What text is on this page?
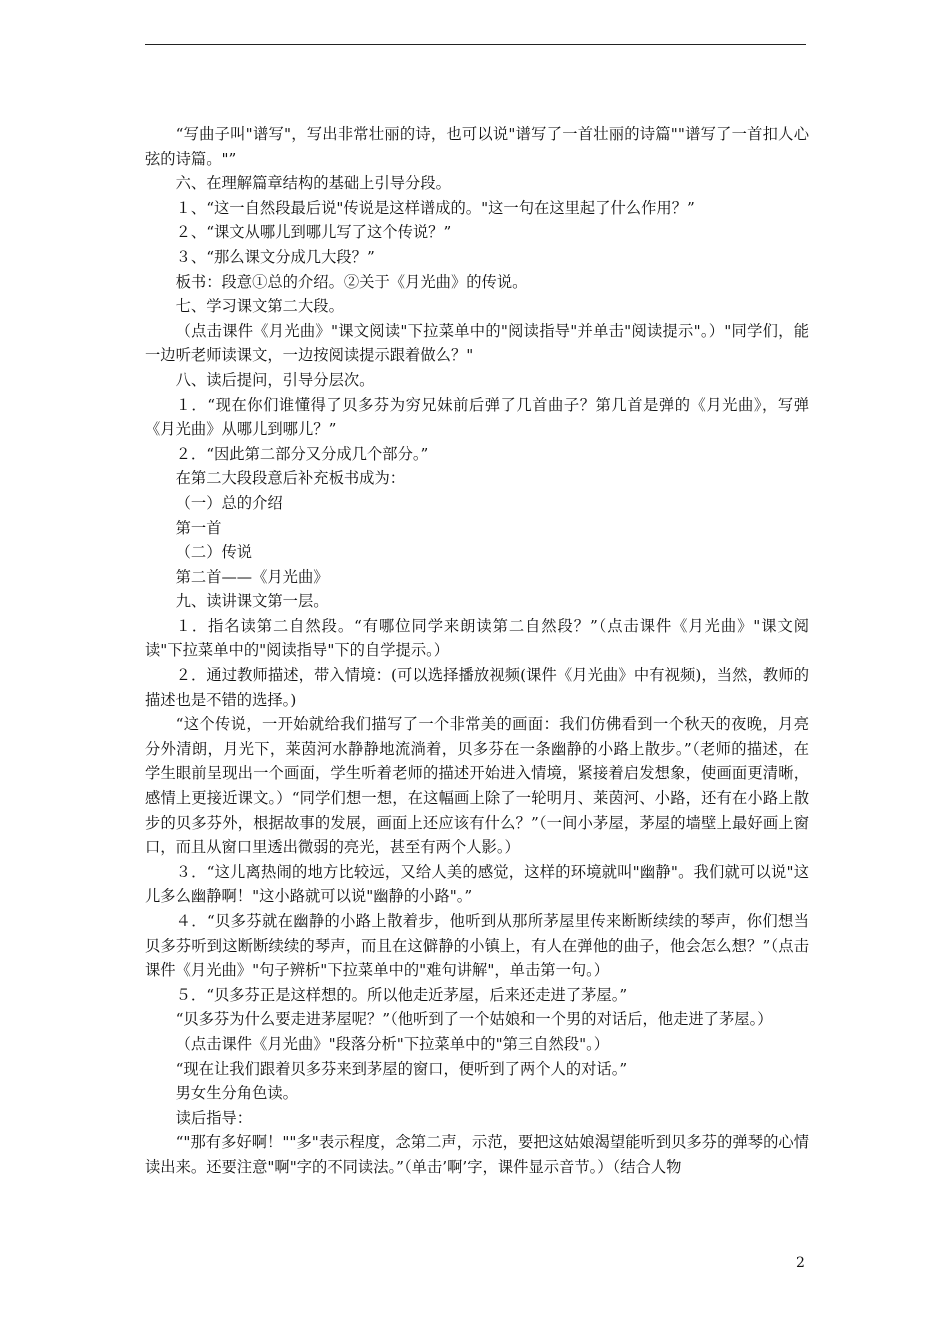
“写曲子叫"谱写"，写出非常壮丽的诗，也可以说"谱写了一首壮丽的诗篇""谱写了一首扣人心弦的诗篇。"”

六、在理解篇章结构的基础上引导分段。

１、“这一自然段最后说"传说是这样谱成的。"这一句在这里起了什么作用？”

２、“课文从哪儿到哪儿写了这个传说？”

３、“那么课文分成几大段？”

板书：段意①总的介绍。②关于《月光曲》的传说。

七、学习课文第二大段。

（点击课件《月光曲》"课文阅读"下拉菜单中的"阅读指导"并单击"阅读提示"。）"同学们，能一边听老师读课文，一边按阅读提示跟着做么？"

八、读后提问，引导分层次。

１．“现在你们谁懂得了贝多芬为穷兄妹前后弹了几首曲子？第几首是弹的《月光曲》，写弹《月光曲》从哪儿到哪儿？”

２．“因此第二部分又分成几个部分。”

在第二大段段意后补充板书成为：

（一）总的介绍

第一首

（二）传说

第二首——《月光曲》

九、读讲课文第一层。

１．指名读第二自然段。“有哪位同学来朗读第二自然段？”（点击课件《月光曲》"课文阅读"下拉菜单中的"阅读指导"下的自学提示。）

２．通过教师描述，带入情境：(可以选择播放视频(课件《月光曲》中有视频)，当然，教师的描述也是不错的选择。)

“这个传说，一开始就给我们描写了一个非常美的画面：我们仿佛看到一个秋天的夜晚，月亮分外清朗，月光下，莱茵河水静静地流淌着，贝多芬在一条幽静的小路上散步。”（老师的描述，在学生眼前呈现出一个画面，学生听着老师的描述开始进入情境，紧接着启发想象，使画面更清晰，感情上更接近课文。）“同学们想一想，在这幅画上除了一轮明月、莱茵河、小路，还有在小路上散步的贝多芬外，根据故事的发展，画面上还应该有什么？”（一间小茅屋，茅屋的墙壁上最好画上窗口，而且从窗口里透出微弱的亮光，甚至有两个人影。）

３．“这儿离热闹的地方比较远，又给人美的感觉，这样的环境就叫"幽静"。我们就可以说"这儿多么幽静啊！"这小路就可以说"幽静的小路"。”

４．“贝多芬就在幽静的小路上散着步，他听到从那所茅屋里传来断断续续的琴声，你们想当贝多芬听到这断断续续的琴声，而且在这僻静的小镇上，有人在弹他的曲子，他会怎么想？”（点击课件《月光曲》"句子辨析"下拉菜单中的"难句讲解"，单击第一句。）

５．“贝多芬正是这样想的。所以他走近茅屋，后来还走进了茅屋。”

“贝多芬为什么要走进茅屋呢？”（他听到了一个姑娘和一个男的对话后，他走进了茅屋。）

（点击课件《月光曲》"段落分析"下拉菜单中的"第三自然段"。）

“现在让我们跟着贝多芬来到茅屋的窗口，便听到了两个人的对话。”

男女生分角色读。

读后指导：

“"那有多好啊！""多"表示程度，念第二声，示范，要把这姑娘渴望能听到贝多芬的弹琴的心情读出来。还要注意"啊"字的不同读法。”（单击’啊’字，课件显示音节。）（结合人物

2
